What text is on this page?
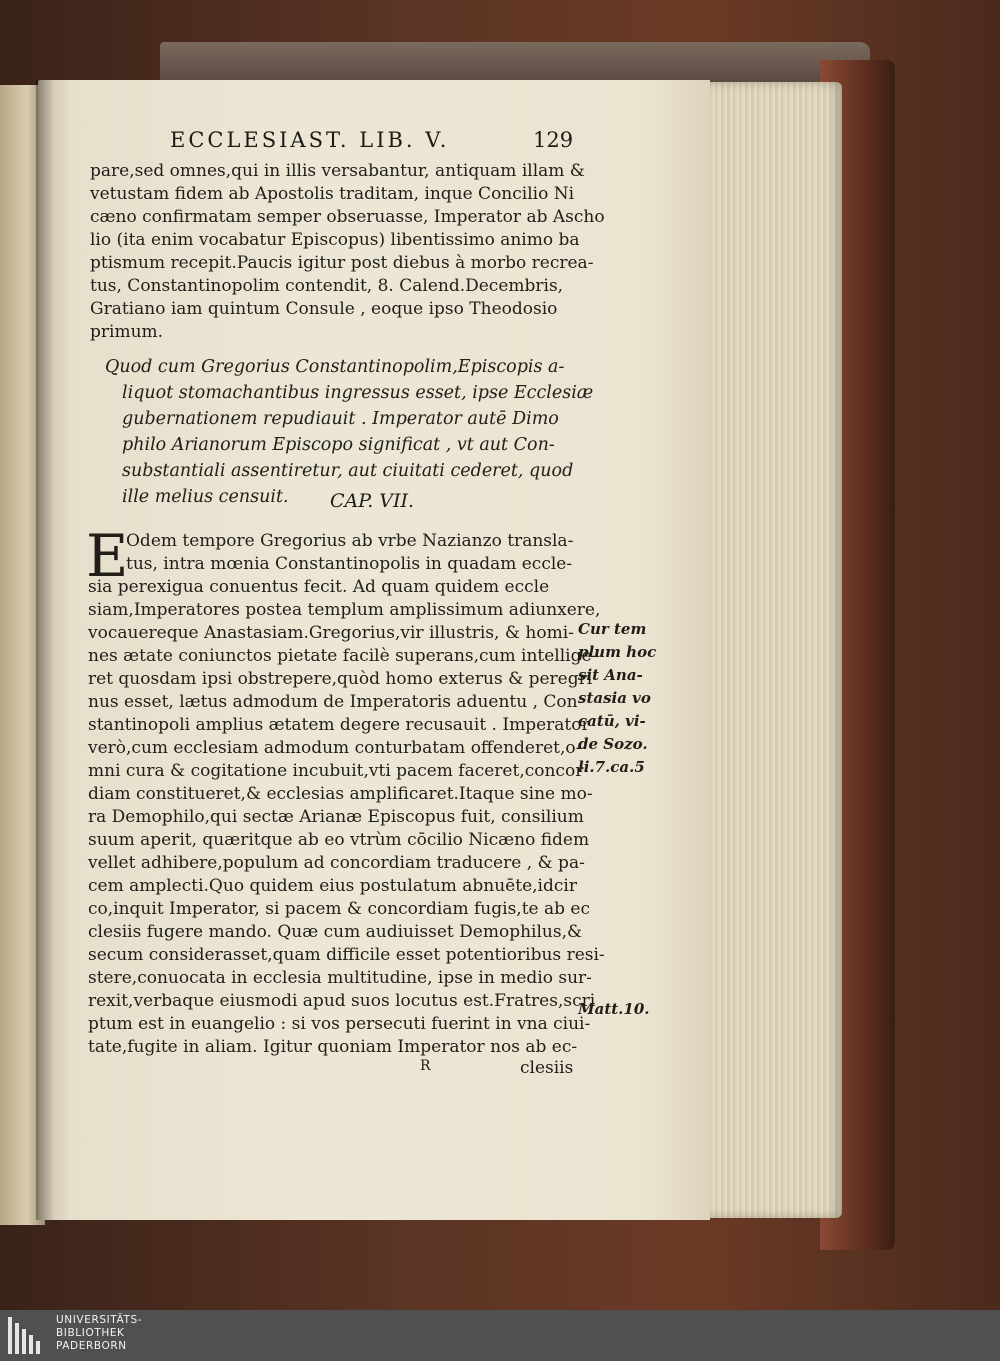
ECCLESIAST. LIB. V.	129
pare,sed omnes,qui in illis versabantur, antiquam illam &
vetustam fidem ab Apostolis traditam, inque Concilio Ni
cæno confirmatam semper obseruasse, Imperator ab Ascho
lio (ita enim vocabatur Episcopus) libentissimo animo ba
ptismum recepit.Paucis igitur post diebus à morbo recrea-
tus, Constantinopolim contendit, 8. Calend.Decembris,
Gratiano iam quintum Consule , eoque ipso Theodosio
primum.
Quod cum Gregorius Constantinopolim,Episcopis a-
liquot stomachantibus ingressus esset, ipse Ecclesiæ
gubernationem repudiauit . Imperator autē Dimo
philo Arianorum Episcopo significat , vt aut Con-
substantiali assentiretur, aut ciuitati cederet, quod
ille melius censuit. CAP. VII.
E
Odem tempore Gregorius ab vrbe Nazianzo transla-
tus, intra mœnia Constantinopolis in quadam eccle-
sia perexigua conuentus fecit. Ad quam quidem eccle
siam,Imperatores postea templum amplissimum adiunxere,
vocauereque Anastasiam.Gregorius,vir illustris, & homi-
nes ætate coniunctos pietate facilè superans,cum intellige-
ret quosdam ipsi obstrepere,quòd homo exterus & peregri
nus esset, lætus admodum de Imperatoris aduentu , Con-
stantinopoli amplius ætatem degere recusauit . Imperator
verò,cum ecclesiam admodum conturbatam offenderet,o-
mni cura & cogitatione incubuit,vti pacem faceret,concor
diam constitueret,& ecclesias amplificaret.Itaque sine mo-
ra Demophilo,qui sectæ Arianæ Episcopus fuit, consilium
suum aperit, quæritque ab eo vtrùm cōcilio Nicæno fidem
vellet adhibere,populum ad concordiam traducere , & pa-
cem amplecti.Quo quidem eius postulatum abnuēte,idcir
co,inquit Imperator, si pacem & concordiam fugis,te ab ec
clesiis fugere mando. Quæ cum audiuisset Demophilus,&
secum considerasset,quam difficile esset potentioribus resi-
stere,conuocata in ecclesia multitudine, ipse in medio sur-
rexit,verbaque eiusmodi apud suos locutus est.Fratres,scri
ptum est in euangelio : si vos persecuti fuerint in vna ciui-
tate,fugite in aliam. Igitur quoniam Imperator nos ab ec-
Cur tem
plum hoc
sit Ana-
stasia vo
catū, vi-
de Sozo.
li.7.ca.5
Matt.10.
R	clesiis
UNIVERSITÄTS-
BIBLIOTHEK
PADERBORN
